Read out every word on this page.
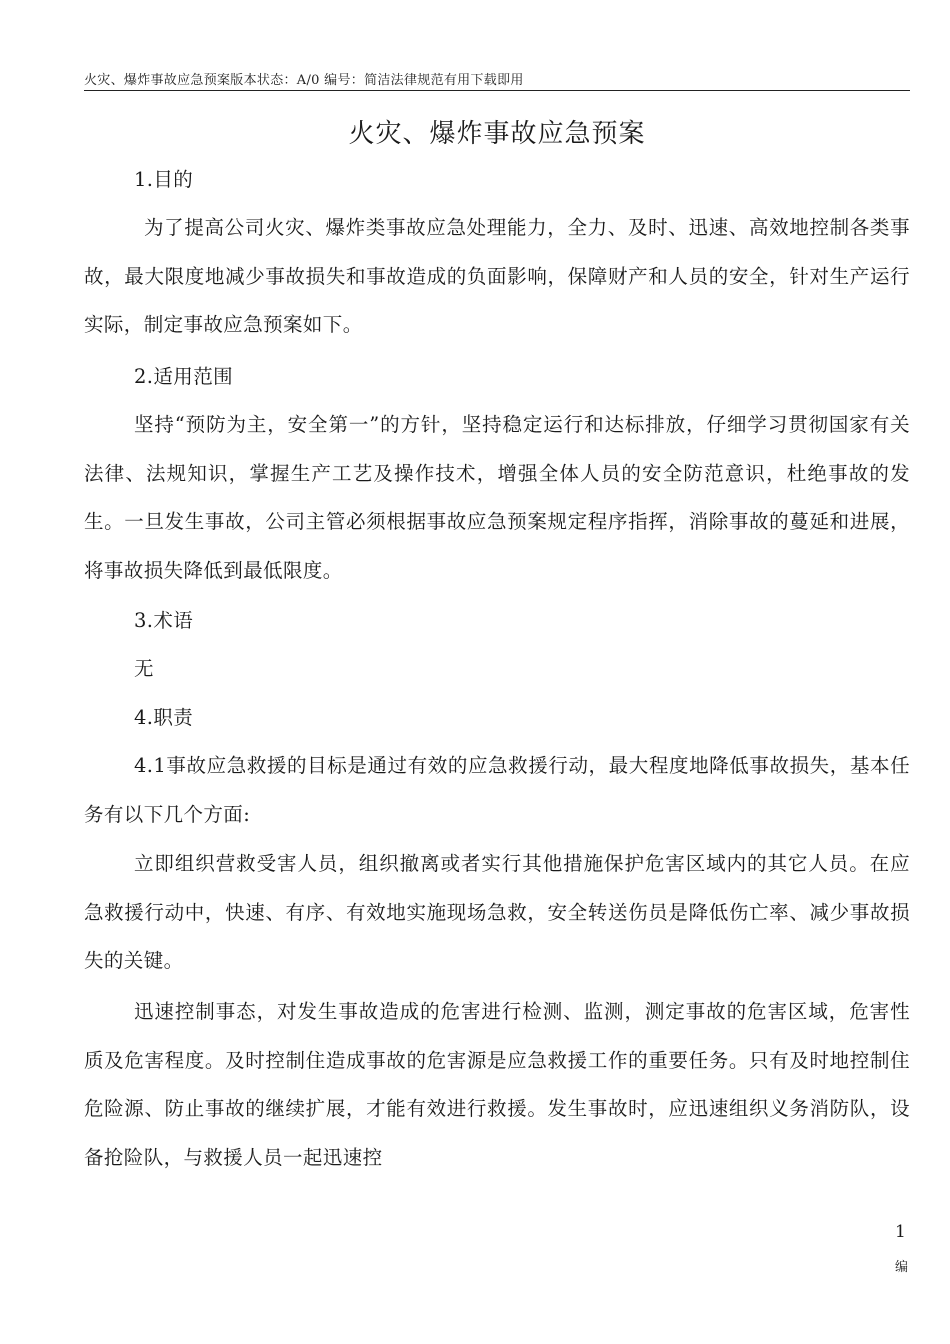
火灾、爆炸事故应急预案版本状态：A/0 编号：简洁法律规范有用下载即用
火灾、爆炸事故应急预案

1.目的

为了提高公司火灾、爆炸类事故应急处理能力，全力、及时、迅速、高效地控制各类事故，最大限度地减少事故损失和事故造成的负面影响，保障财产和人员的安全，针对生产运行实际，制定事故应急预案如下。

2.适用范围

坚持“预防为主，安全第一”的方针，坚持稳定运行和达标排放，仔细学习贯彻国家有关法律、法规知识，掌握生产工艺及操作技术，增强全体人员的安全防范意识，杜绝事故的发生。一旦发生事故，公司主管必须根据事故应急预案规定程序指挥，消除事故的蔓延和进展，将事故损失降低到最低限度。

3.术语

无

4.职责

4.1事故应急救援的目标是通过有效的应急救援行动，最大程度地降低事故损失，基本任务有以下几个方面:

立即组织营救受害人员，组织撤离或者实行其他措施保护危害区域内的其它人员。在应急救援行动中，快速、有序、有效地实施现场急救，安全转送伤员是降低伤亡率、减少事故损失的关键。

迅速控制事态，对发生事故造成的危害进行检测、监测，测定事故的危害区域，危害性质及危害程度。及时控制住造成事故的危害源是应急救援工作的重要任务。只有及时地控制住危险源、防止事故的继续扩展，才能有效进行救援。发生事故时，应迅速组织义务消防队，设备抢险队，与救援人员一起迅速控

1
编
